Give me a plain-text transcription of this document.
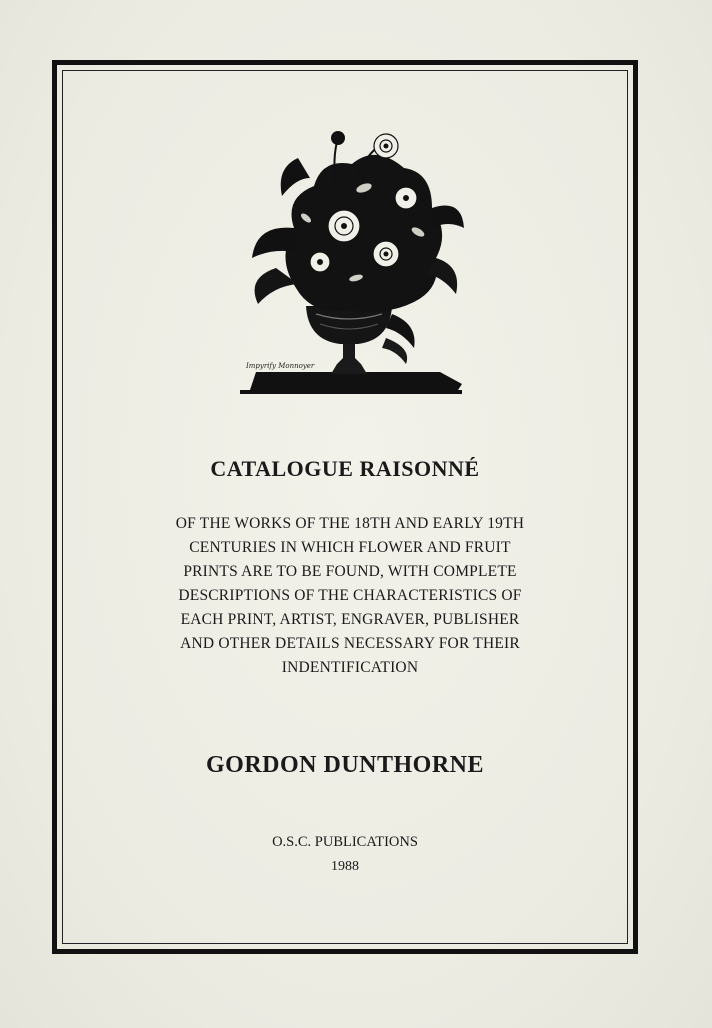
Impyrify Monnoyer
CATALOGUE RAISONNÉ
OF THE WORKS OF THE 18TH AND EARLY 19TH
CENTURIES IN WHICH FLOWER AND FRUIT
PRINTS ARE TO BE FOUND, WITH COMPLETE
DESCRIPTIONS OF THE CHARACTERISTICS OF
EACH PRINT, ARTIST, ENGRAVER, PUBLISHER
AND OTHER DETAILS NECESSARY FOR THEIR
INDENTIFICATION
GORDON DUNTHORNE

O.S.C. PUBLICATIONS

1988
